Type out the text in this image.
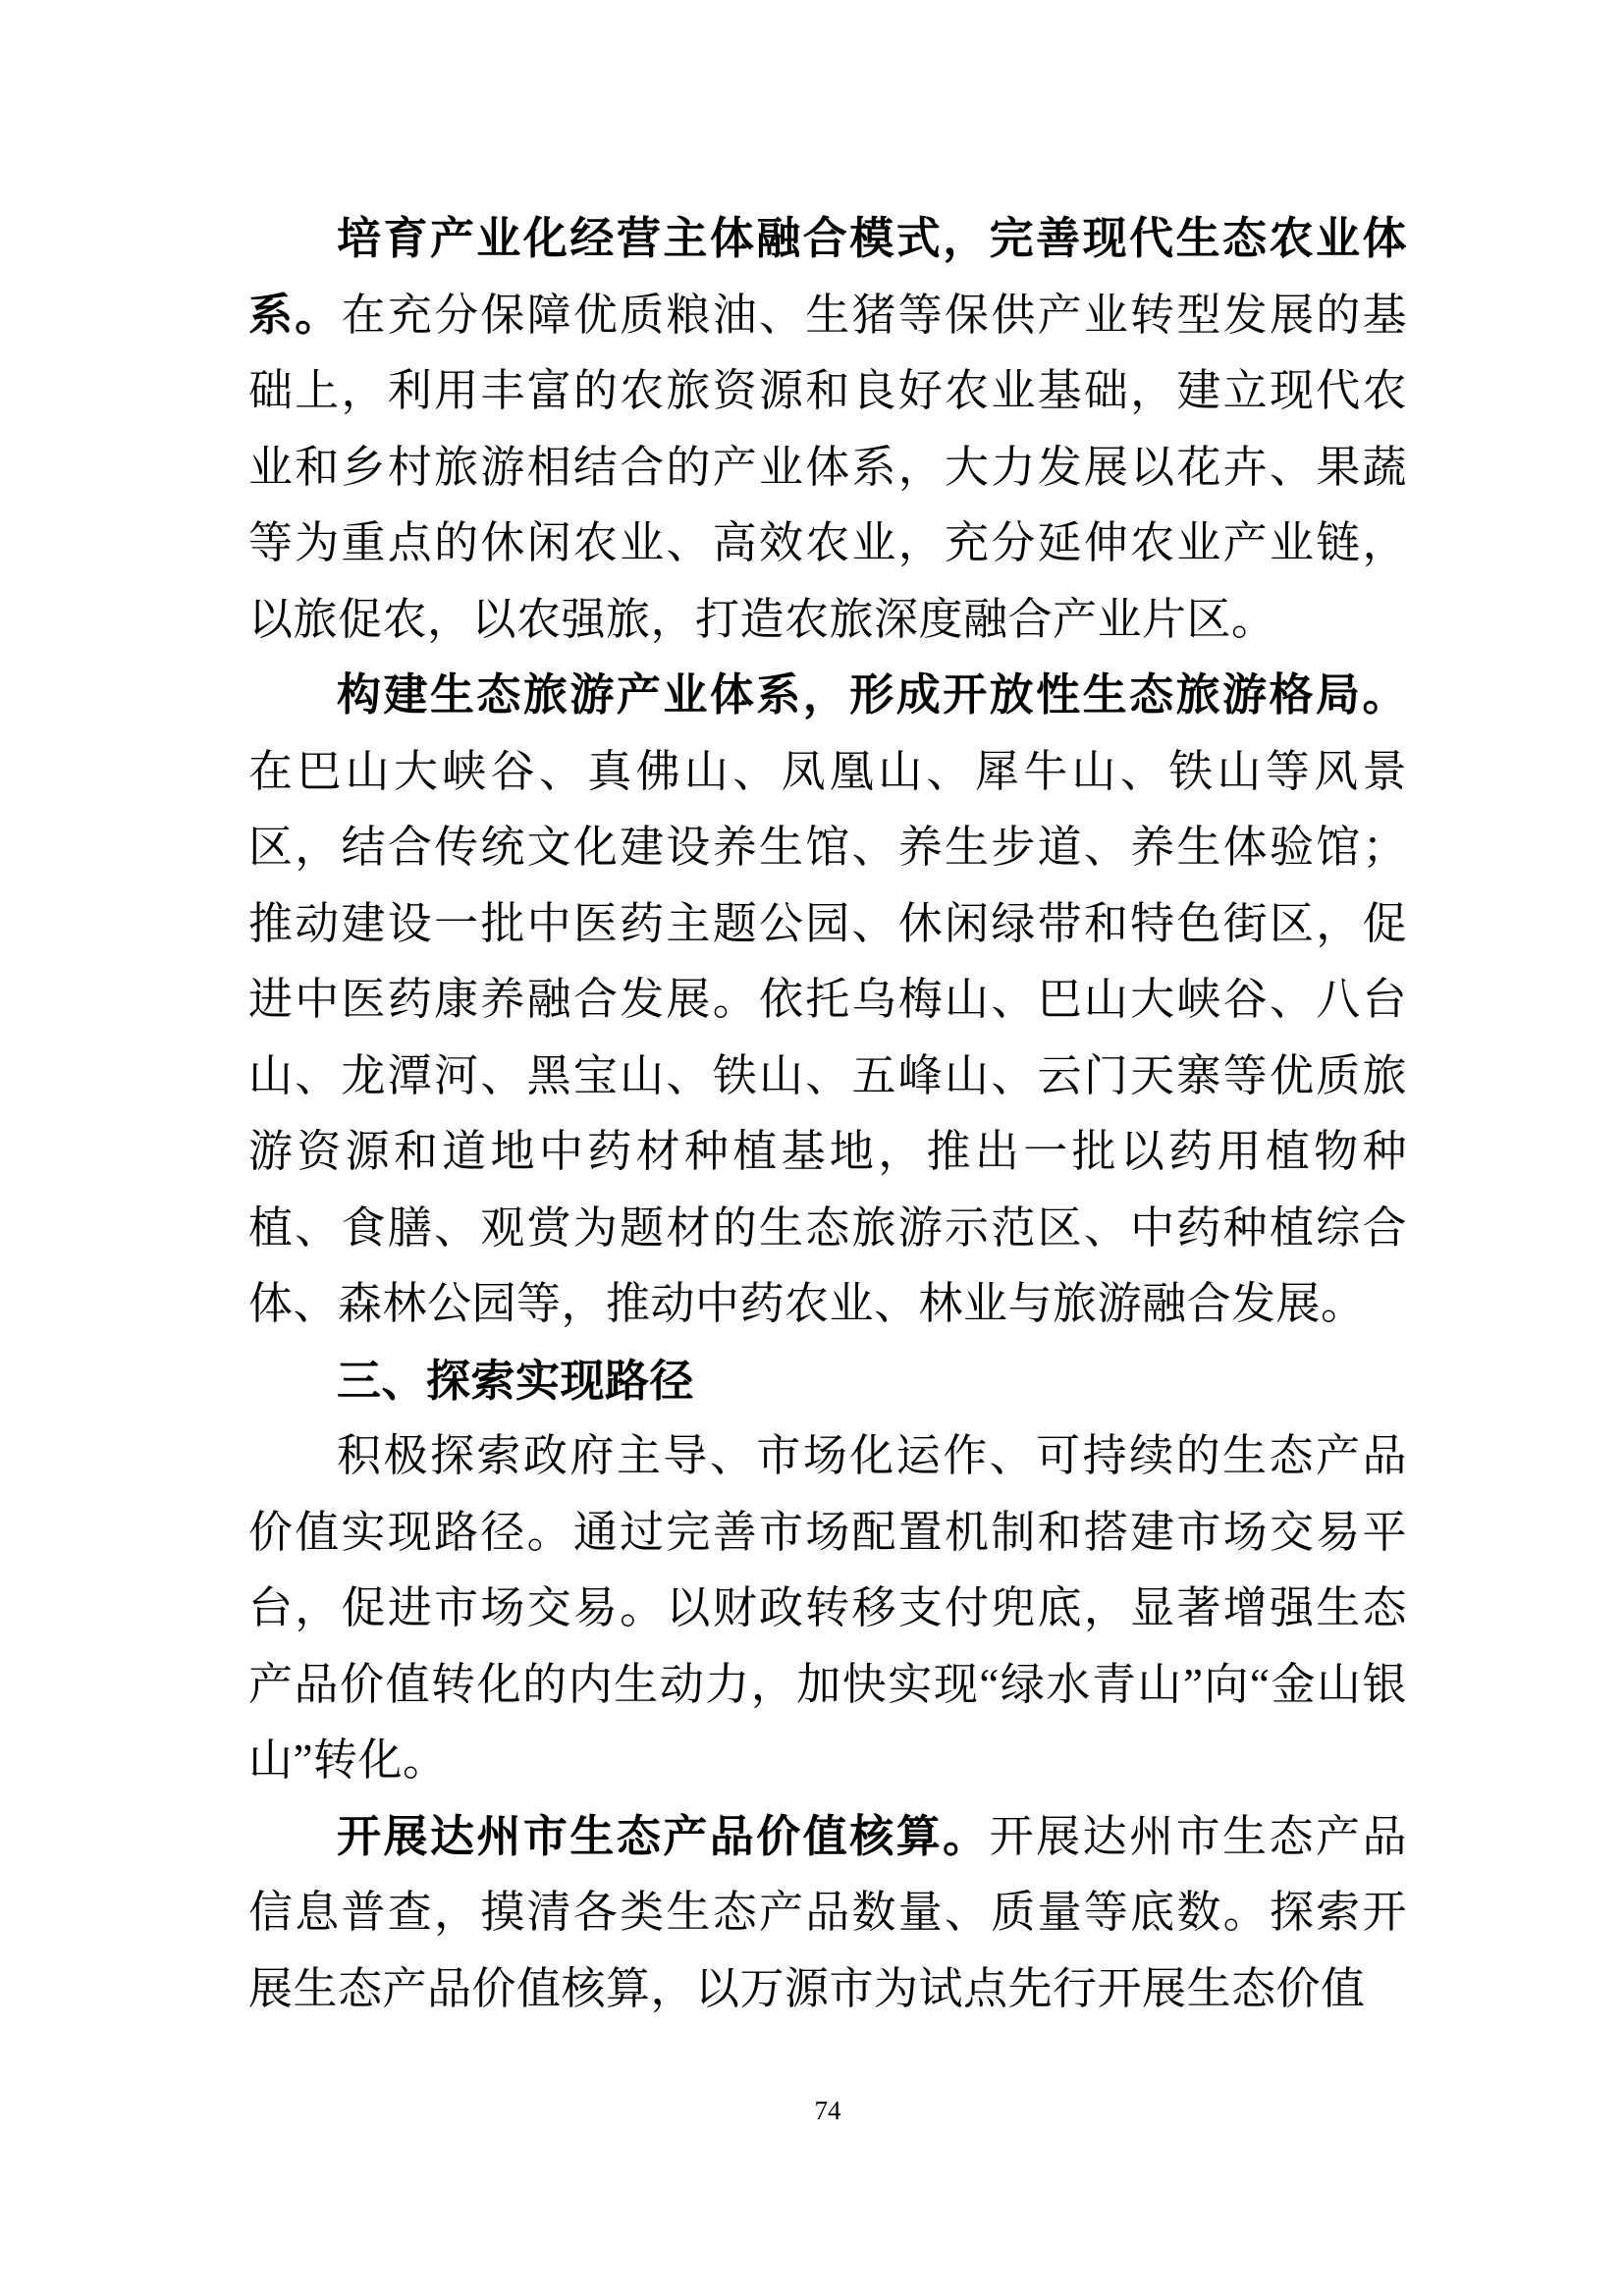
培育产业化经营主体融合模式，完善现代生态农业体系。在充分保障优质粮油、生猪等保供产业转型发展的基础上，利用丰富的农旅资源和良好农业基础，建立现代农业和乡村旅游相结合的产业体系，大力发展以花卉、果蔬等为重点的休闲农业、高效农业，充分延伸农业产业链，以旅促农，以农强旅，打造农旅深度融合产业片区。

构建生态旅游产业体系，形成开放性生态旅游格局。在巴山大峡谷、真佛山、凤凰山、犀牛山、铁山等风景区，结合传统文化建设养生馆、养生步道、养生体验馆；推动建设一批中医药主题公园、休闲绿带和特色街区，促进中医药康养融合发展。依托乌梅山、巴山大峡谷、八台山、龙潭河、黑宝山、铁山、五峰山、云门天寨等优质旅游资源和道地中药材种植基地，推出一批以药用植物种植、食膳、观赏为题材的生态旅游示范区、中药种植综合体、森林公园等，推动中药农业、林业与旅游融合发展。

三、探索实现路径

积极探索政府主导、市场化运作、可持续的生态产品价值实现路径。通过完善市场配置机制和搭建市场交易平台，促进市场交易。以财政转移支付兜底，显著增强生态产品价值转化的内生动力，加快实现“绿水青山”向“金山银山”转化。

开展达州市生态产品价值核算。开展达州市生态产品信息普查，摸清各类生态产品数量、质量等底数。探索开展生态产品价值核算，以万源市为试点先行开展生态价值

74
